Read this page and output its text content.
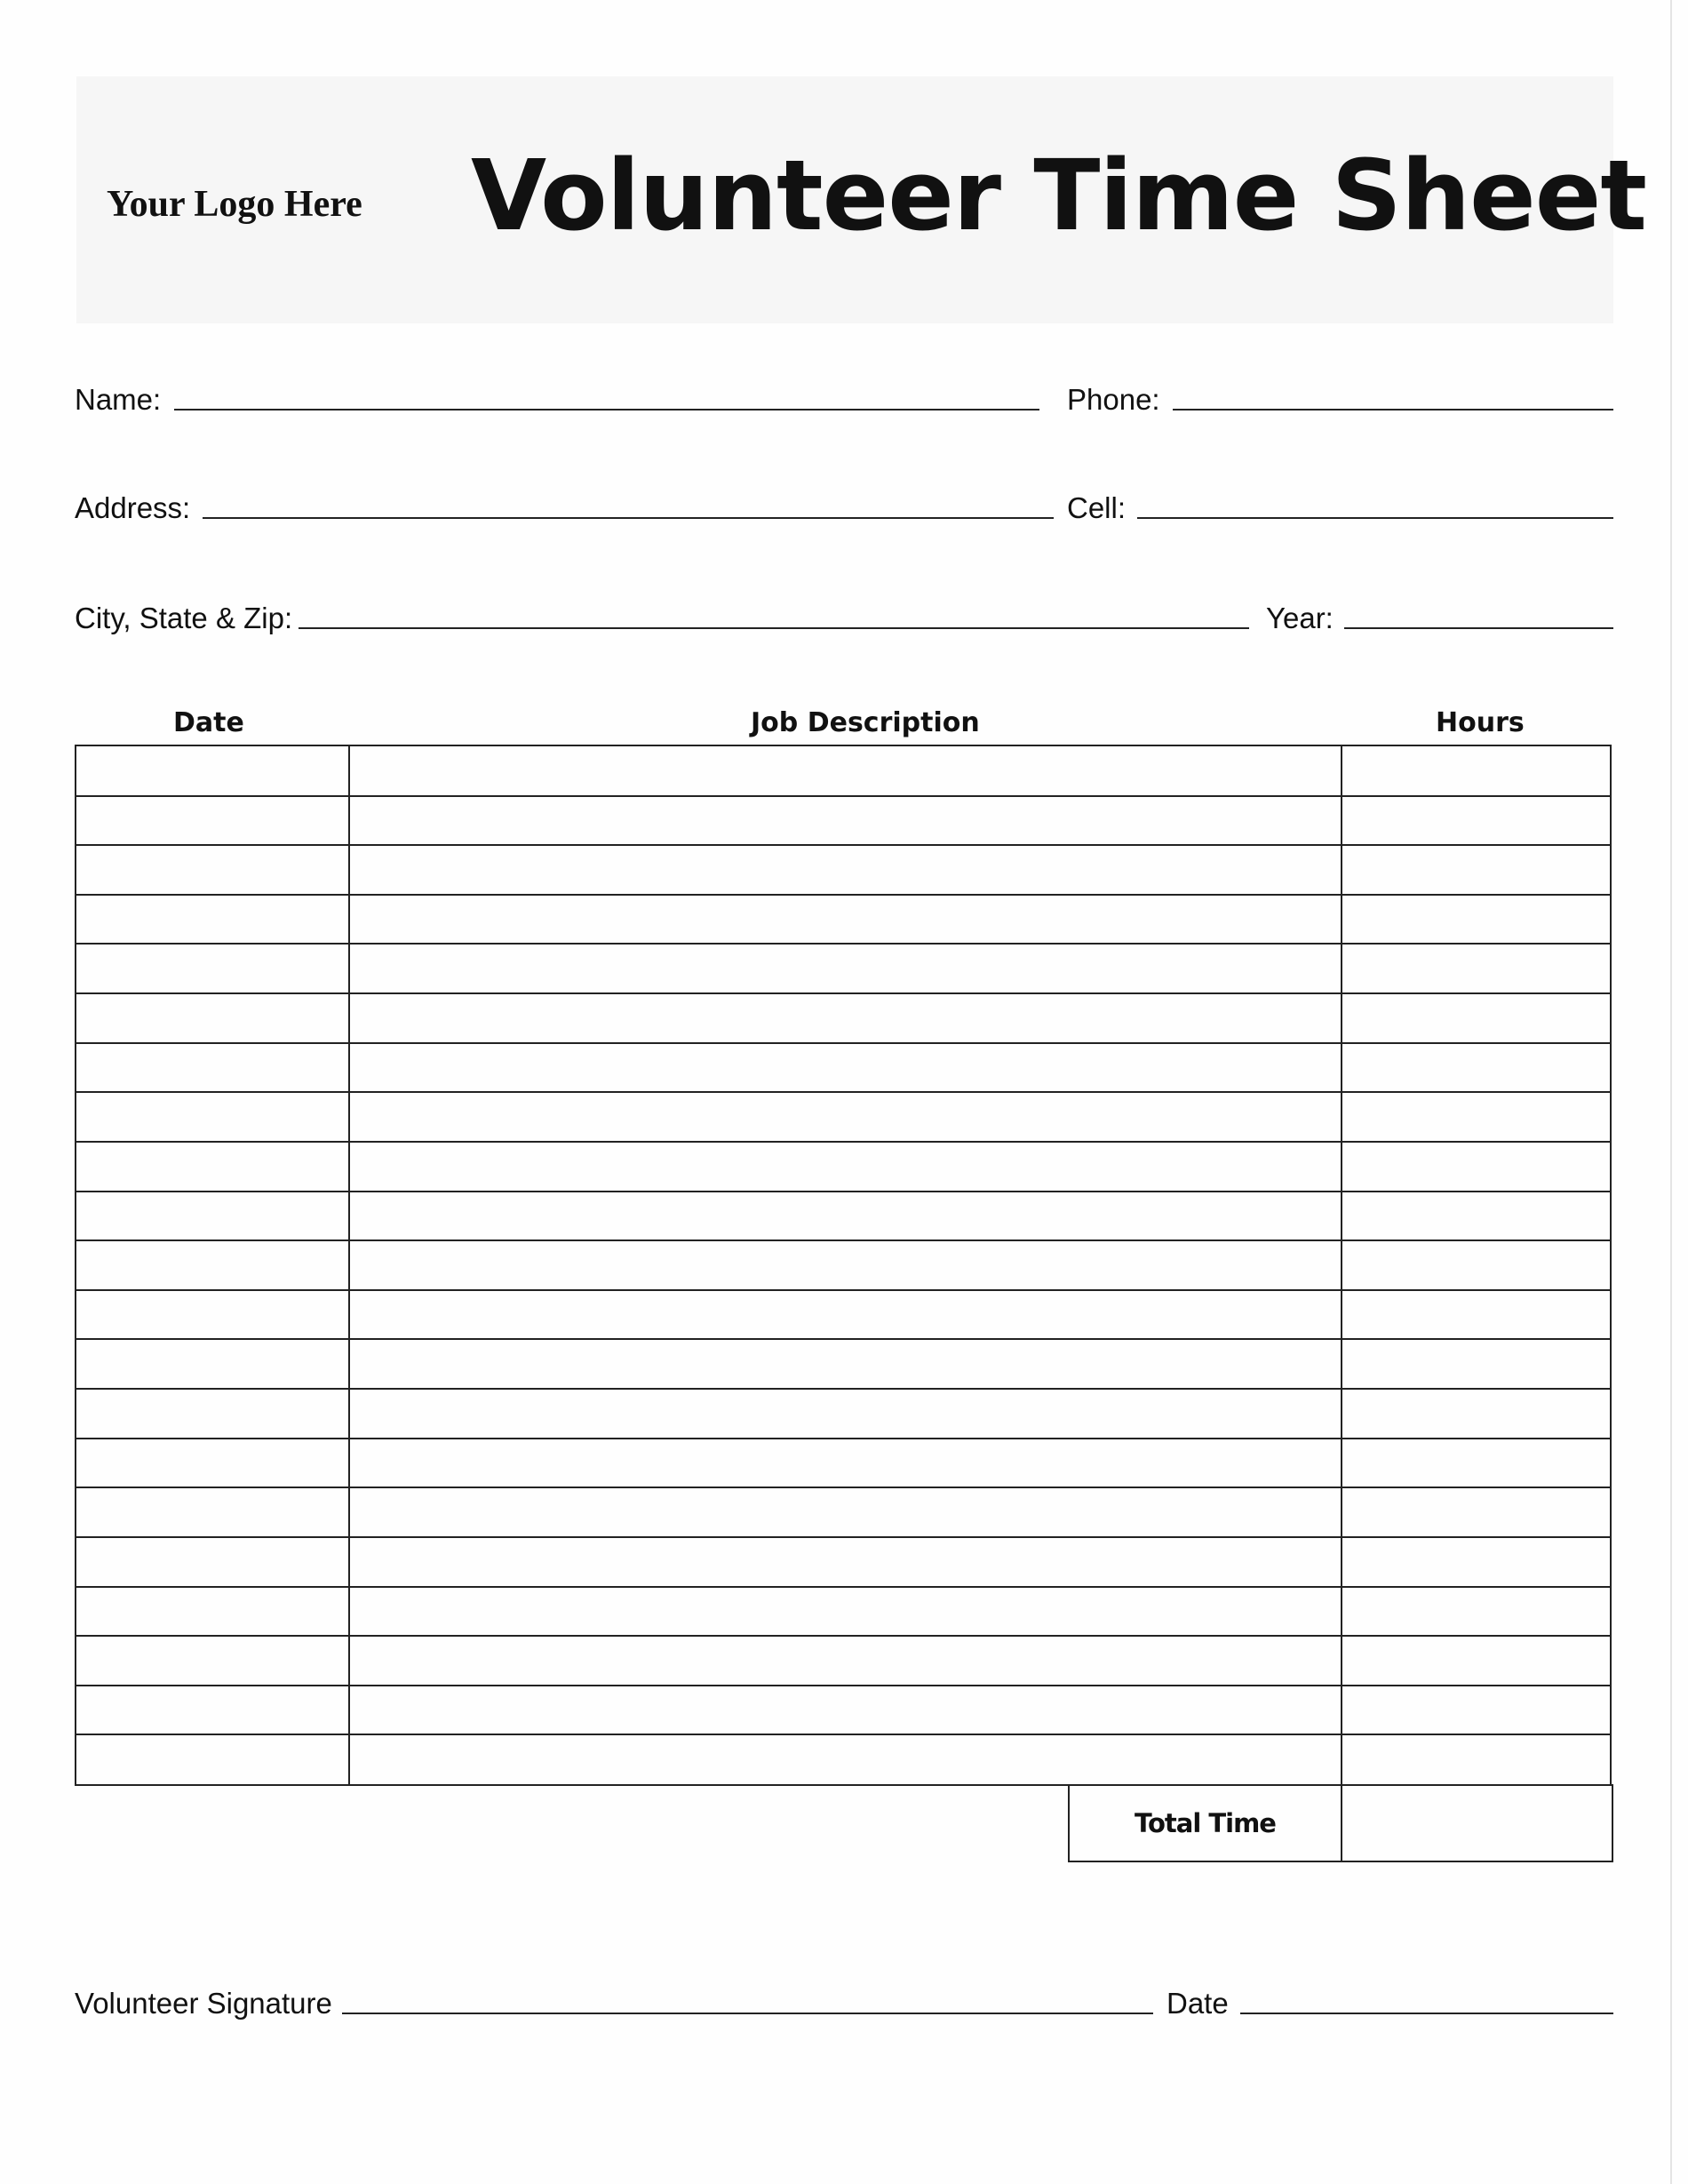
Your Logo Here Volunteer Time Sheet
Name:	Phone:
Address:	Cell:
City, State & Zip:	Year:
Date	Job Description	Hours
Total Time
Volunteer Signature	Date
